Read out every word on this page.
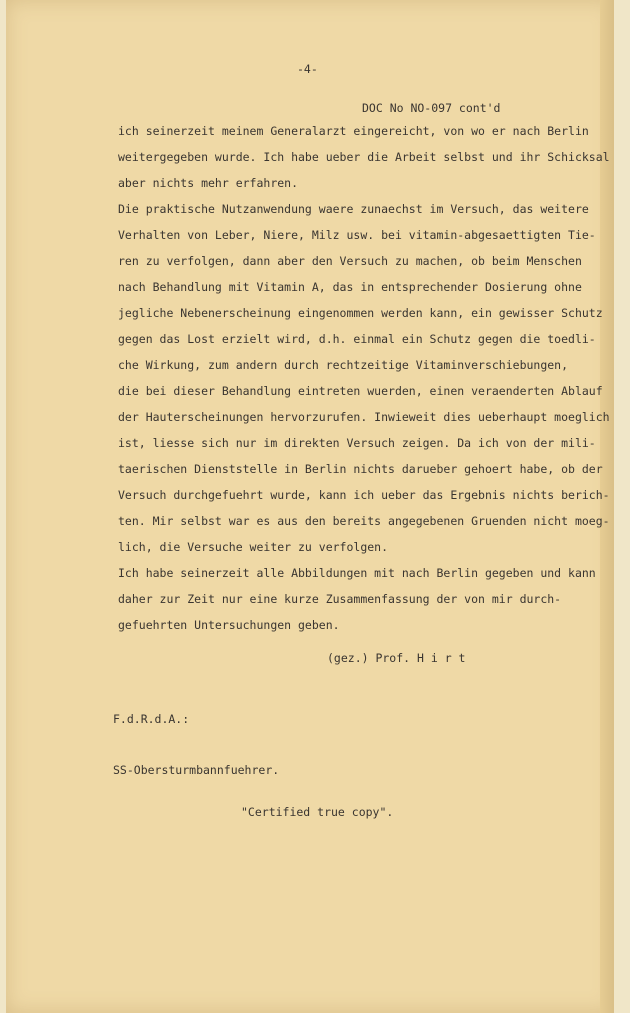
-4-
DOC No NO-097 cont'd
ich seinerzeit meinem Generalarzt eingereicht, von wo er nach Berlin
weitergegeben wurde. Ich habe ueber die Arbeit selbst und ihr Schicksal
aber nichts mehr erfahren.
Die praktische Nutzanwendung waere zunaechst im Versuch, das weitere
Verhalten von Leber, Niere, Milz usw. bei vitamin-abgesaettigten Tie-
ren zu verfolgen, dann aber den Versuch zu machen, ob beim Menschen
nach Behandlung mit Vitamin A, das in entsprechender Dosierung ohne
jegliche Nebenerscheinung eingenommen werden kann, ein gewisser Schutz
gegen das Lost erzielt wird, d.h. einmal ein Schutz gegen die toedli-
che Wirkung, zum andern durch rechtzeitige Vitaminverschiebungen,
die bei dieser Behandlung eintreten wuerden, einen veraenderten Ablauf
der Hauterscheinungen hervorzurufen. Inwieweit dies ueberhaupt moeglich
ist, liesse sich nur im direkten Versuch zeigen. Da ich von der mili-
taerischen Dienststelle in Berlin nichts darueber gehoert habe, ob der
Versuch durchgefuehrt wurde, kann ich ueber das Ergebnis nichts berich-
ten. Mir selbst war es aus den bereits angegebenen Gruenden nicht moeg-
lich, die Versuche weiter zu verfolgen.
Ich habe seinerzeit alle Abbildungen mit nach Berlin gegeben und kann
daher zur Zeit nur eine kurze Zusammenfassung der von mir durch-
gefuehrten Untersuchungen geben.
(gez.) Prof. H i r t
F.d.R.d.A.:
SS-Obersturmbannfuehrer.
"Certified true copy".
